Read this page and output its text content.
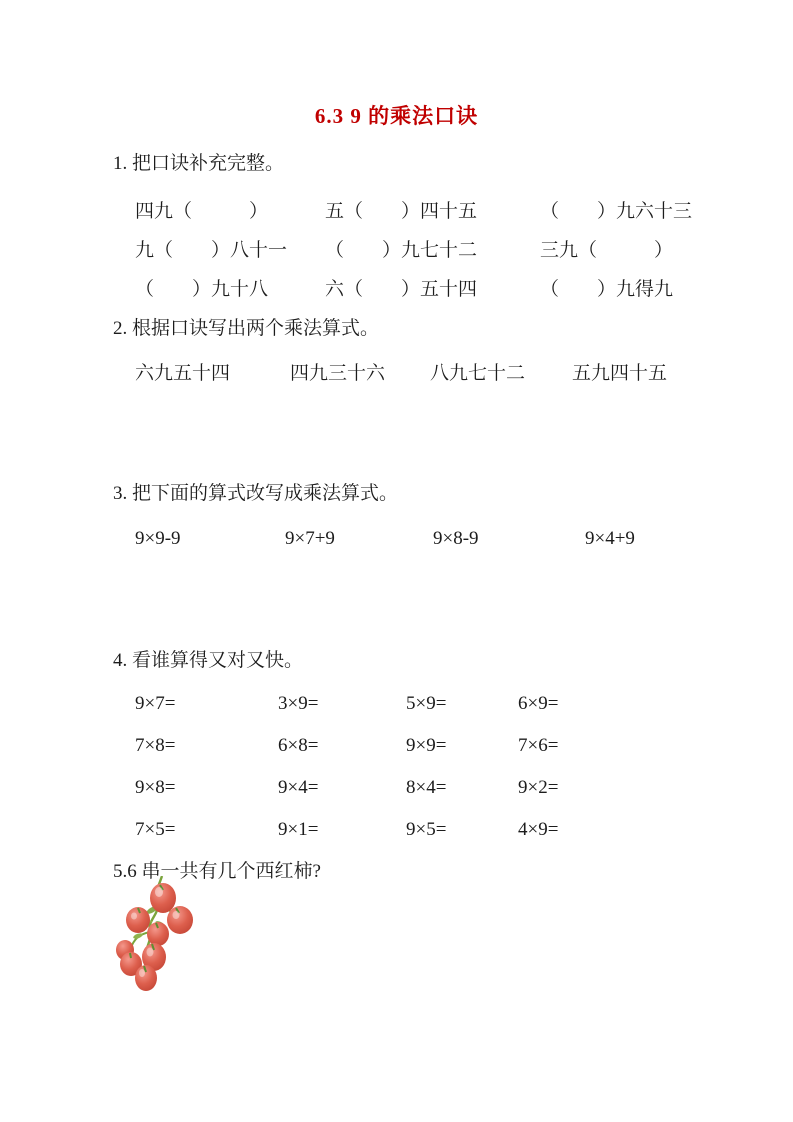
6.3 9 的乘法口诀
1. 把口诀补充完整。
四九（　　　）	五（　　）四十五	（　　）九六十三
九（　　）八十一	（　　）九七十二	三九（　　　）
（　　）九十八	六（　　）五十四	（　　）九得九
2. 根据口诀写出两个乘法算式。
六九五十四	四九三十六	八九七十二	五九四十五
3. 把下面的算式改写成乘法算式。
9×9-9	9×7+9	9×8-9	9×4+9
4. 看谁算得又对又快。
9×7=	3×9=	5×9=	6×9=
7×8=	6×8=	9×9=	7×6=
9×8=	9×4=	8×4=	9×2=
7×5=	9×1=	9×5=	4×9=
5.6 串一共有几个西红柿?
